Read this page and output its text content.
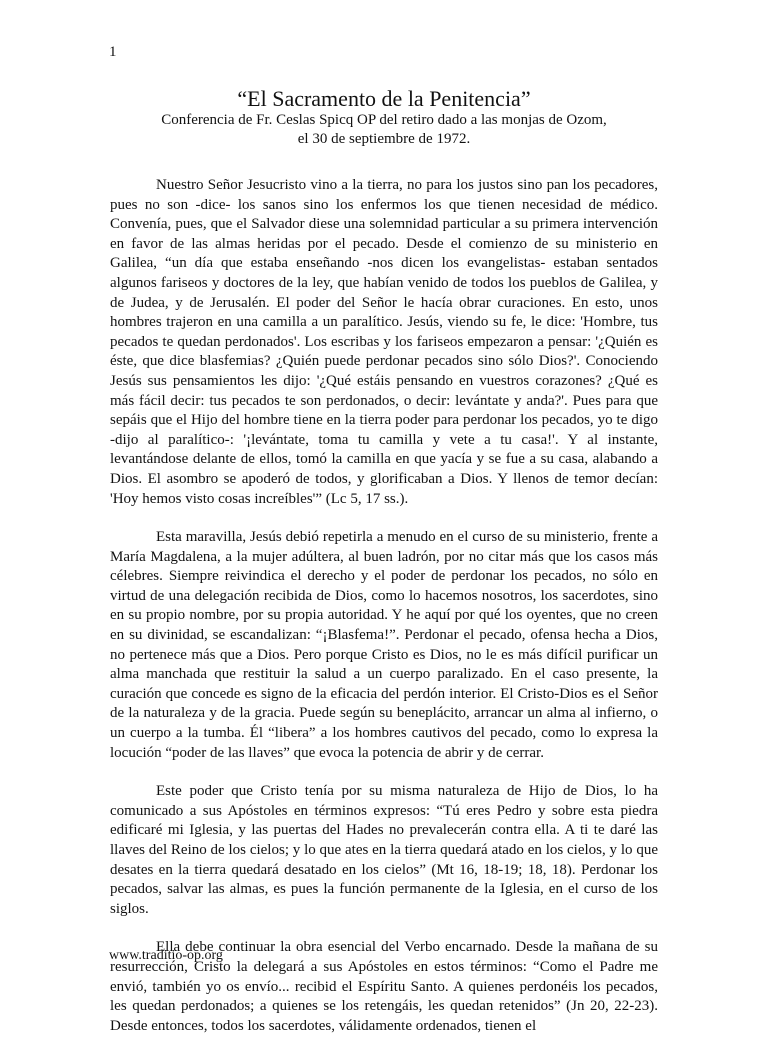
1
“El Sacramento de la Penitencia”
Conferencia de Fr. Ceslas Spicq OP del retiro dado a las monjas de Ozom,
el 30 de septiembre de 1972.

Nuestro Señor Jesucristo vino a la tierra, no para los justos sino pan los pecadores, pues no son -dice- los sanos sino los enfermos los que tienen necesidad de médico. Convenía, pues, que el Salvador diese una solemnidad particular a su primera intervención en favor de las almas heridas por el pecado. Desde el comienzo de su ministerio en Galilea, “un día que estaba enseñando -nos dicen los evangelistas- estaban sentados algunos fariseos y doctores de la ley, que habían venido de todos los pueblos de Galilea, y de Judea, y de Jerusalén. El poder del Señor le hacía obrar curaciones. En esto, unos hombres trajeron en una camilla a un paralítico. Jesús, viendo su fe, le dice: 'Hombre, tus pecados te quedan perdonados'. Los escribas y los fariseos empezaron a pensar: '¿Quién es éste, que dice blasfemias? ¿Quién puede perdonar pecados sino sólo Dios?'. Conociendo Jesús sus pensamientos les dijo: '¿Qué estáis pensando en vuestros corazones? ¿Qué es más fácil decir: tus pecados te son perdonados, o decir: levántate y anda?'. Pues para que sepáis que el Hijo del hombre tiene en la tierra poder para perdonar los pecados, yo te digo -dijo al paralítico-: '¡levántate, toma tu camilla y vete a tu casa!'. Y al instante, levantándose delante de ellos, tomó la camilla en que yacía y se fue a su casa, alabando a Dios. El asombro se apoderó de todos, y glorificaban a Dios. Y llenos de temor decían: 'Hoy hemos visto cosas increíbles'” (Lc 5, 17 ss.).

Esta maravilla, Jesús debió repetirla a menudo en el curso de su ministerio, frente a María Magdalena, a la mujer adúltera, al buen ladrón, por no citar más que los casos más célebres. Siempre reivindica el derecho y el poder de perdonar los pecados, no sólo en virtud de una delegación recibida de Dios, como lo hacemos nosotros, los sacerdotes, sino en su propio nombre, por su propia autoridad. Y he aquí por qué los oyentes, que no creen en su divinidad, se escandalizan: “¡Blasfema!”. Perdonar el pecado, ofensa hecha a Dios, no pertenece más que a Dios. Pero porque Cristo es Dios, no le es más difícil purificar un alma manchada que restituir la salud a un cuerpo paralizado. En el caso presente, la curación que concede es signo de la eficacia del perdón interior. El Cristo-Dios es el Señor de la naturaleza y de la gracia. Puede según su beneplácito, arrancar un alma al infierno, o un cuerpo a la tumba. Él “libera” a los hombres cautivos del pecado, como lo expresa la locución “poder de las llaves” que evoca la potencia de abrir y de cerrar.

Este poder que Cristo tenía por su misma naturaleza de Hijo de Dios, lo ha comunicado a sus Apóstoles en términos expresos: “Tú eres Pedro y sobre esta piedra edificaré mi Iglesia, y las puertas del Hades no prevalecerán contra ella. A ti te daré las llaves del Reino de los cielos; y lo que ates en la tierra quedará atado en los cielos, y lo que desates en la tierra quedará desatado en los cielos” (Mt 16, 18-19; 18, 18). Perdonar los pecados, salvar las almas, es pues la función permanente de la Iglesia, en el curso de los siglos.

Ella debe continuar la obra esencial del Verbo encarnado. Desde la mañana de su resurrección, Cristo la delegará a sus Apóstoles en estos términos: “Como el Padre me envió, también yo os envío... recibid el Espíritu Santo. A quienes perdonéis los pecados, les quedan perdonados; a quienes se los retengáis, les quedan retenidos” (Jn 20, 22-23). Desde entonces, todos los sacerdotes, válidamente ordenados, tienen el

www.traditio-op.org
